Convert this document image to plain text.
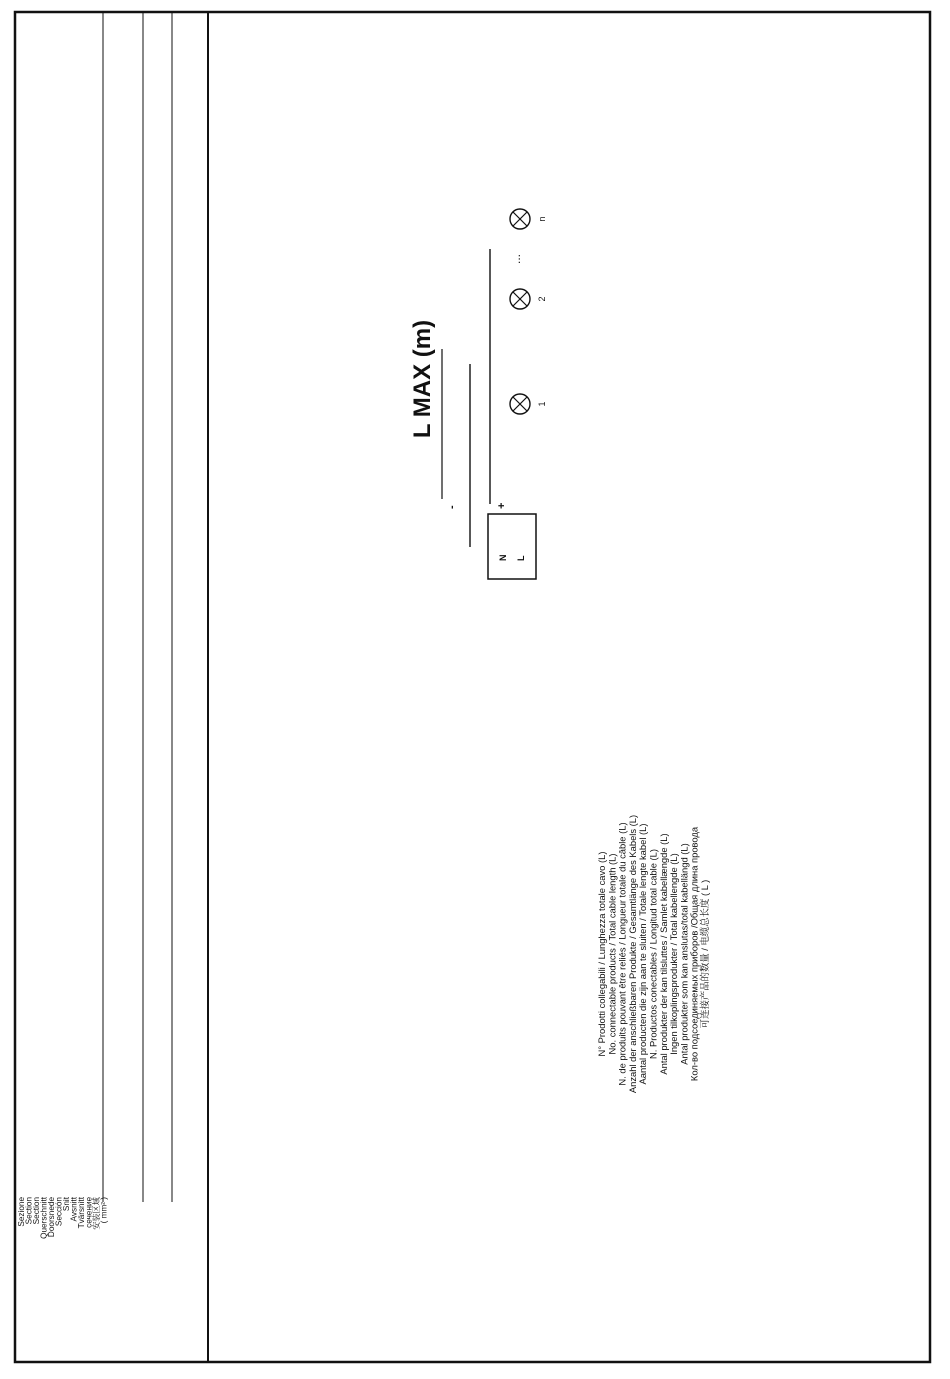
N° Prodotti collegabili / Lunghezza totale cavo (L) No. connectable products / Total cable length (L) N. de produits pouvant être reliés / Longueur totale du câble (L) Anzahl der anschließbaren Produkte / Gesamtlänge des Kabels (L) Aantal producten die zijn aan te sluiten / Totale lengte kabel (L) N. Productos conectables / Longitud total cable (L) Antal produkter der kan tilsluttes / Samlet kabellængde (L) Ingen tilkoplingsprodukter / Total kabellengde (L) Antal produkter som kan anslutas/total kabellängd (L) Кол-во подсоединяемых приборов /Общая длина провода 可连接产品的数量 / 电缆总长度 ( L )
N L
-	+
L MAX (m)	1
2
n
...
Sezione
Section
Section
Querschnitt
Doorsnede
Sección
Snit
Avsnitt
Tvärsnitt
сечение
安装区域
( mm² )
